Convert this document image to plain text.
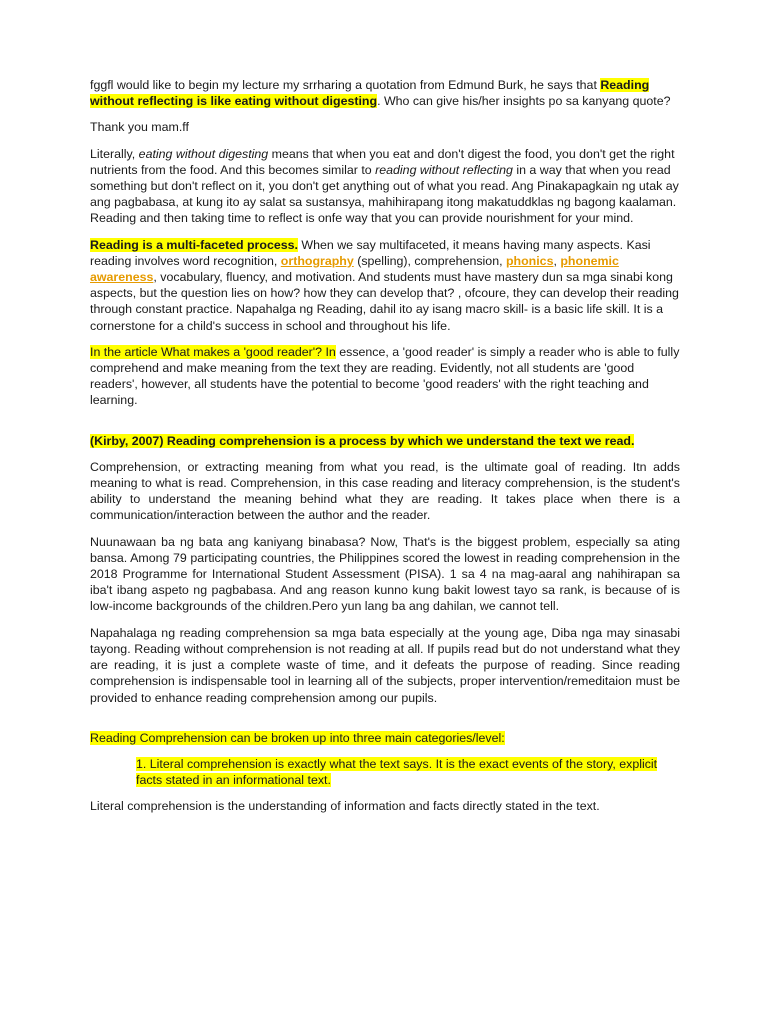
fggfl would like to begin my lecture my srrharing a quotation from Edmund Burk, he says that Reading without reflecting is like eating without digesting. Who can give his/her insights po sa kanyang quote?

Thank you mam.ff

Literally, eating without digesting means that when you eat and don't digest the food, you don't get the right nutrients from the food. And this becomes similar to reading without reflecting in a way that when you read something but don't reflect on it, you don't get anything out of what you read. Ang Pinakapagkain ng utak ay ang pagbabasa, at kung ito ay salat sa sustansya, mahihirapang itong makatuddklas ng bagong kaalaman. Reading and then taking time to reflect is onfe way that you can provide nourishment for your mind.

Reading is a multi-faceted process. When we say multifaceted, it means having many aspects. Kasi reading involves word recognition, orthography (spelling), comprehension, phonics, phonemic awareness, vocabulary, fluency, and motivation. And students must have mastery dun sa mga sinabi kong aspects, but the question lies on how? how they can develop that? , ofcoure, they can develop their reading through constant practice. Napahalga ng Reading, dahil ito ay isang macro skill- is a basic life skill. It is a cornerstone for a child's success in school and throughout his life.

In the article What makes a 'good reader'? In essence, a 'good reader' is simply a reader who is able to fully comprehend and make meaning from the text they are reading. Evidently, not all students are 'good readers', however, all students have the potential to become 'good readers' with the right teaching and learning.

(Kirby, 2007) Reading comprehension is a process by which we understand the text we read.

Comprehension, or extracting meaning from what you read, is the ultimate goal of reading. Itn adds meaning to what is read. Comprehension, in this case reading and literacy comprehension, is the student's ability to understand the meaning behind what they are reading. It takes place when there is a communication/interaction between the author and the reader.

Nuunawaan ba ng bata ang kaniyang binabasa? Now, That's is the biggest problem, especially sa ating bansa. Among 79 participating countries, the Philippines scored the lowest in reading comprehension in the 2018 Programme for International Student Assessment (PISA). 1 sa 4 na mag-aaral ang nahihirapan sa iba't ibang aspeto ng pagbabasa. And ang reason kunno kung bakit lowest tayo sa rank, is because of is low-income backgrounds of the children.Pero yun lang ba ang dahilan, we cannot tell.

Napahalaga ng reading comprehension sa mga bata especially at the young age, Diba nga may sinasabi tayong. Reading without comprehension is not reading at all. If pupils read but do not understand what they are reading, it is just a complete waste of time, and it defeats the purpose of reading. Since reading comprehension is indispensable tool in learning all of the subjects, proper intervention/remeditaion must be provided to enhance reading comprehension among our pupils.

Reading Comprehension can be broken up into three main categories/level:

1. Literal comprehension is exactly what the text says. It is the exact events of the story, explicit facts stated in an informational text.

Literal comprehension is the understanding of information and facts directly stated in the text.
